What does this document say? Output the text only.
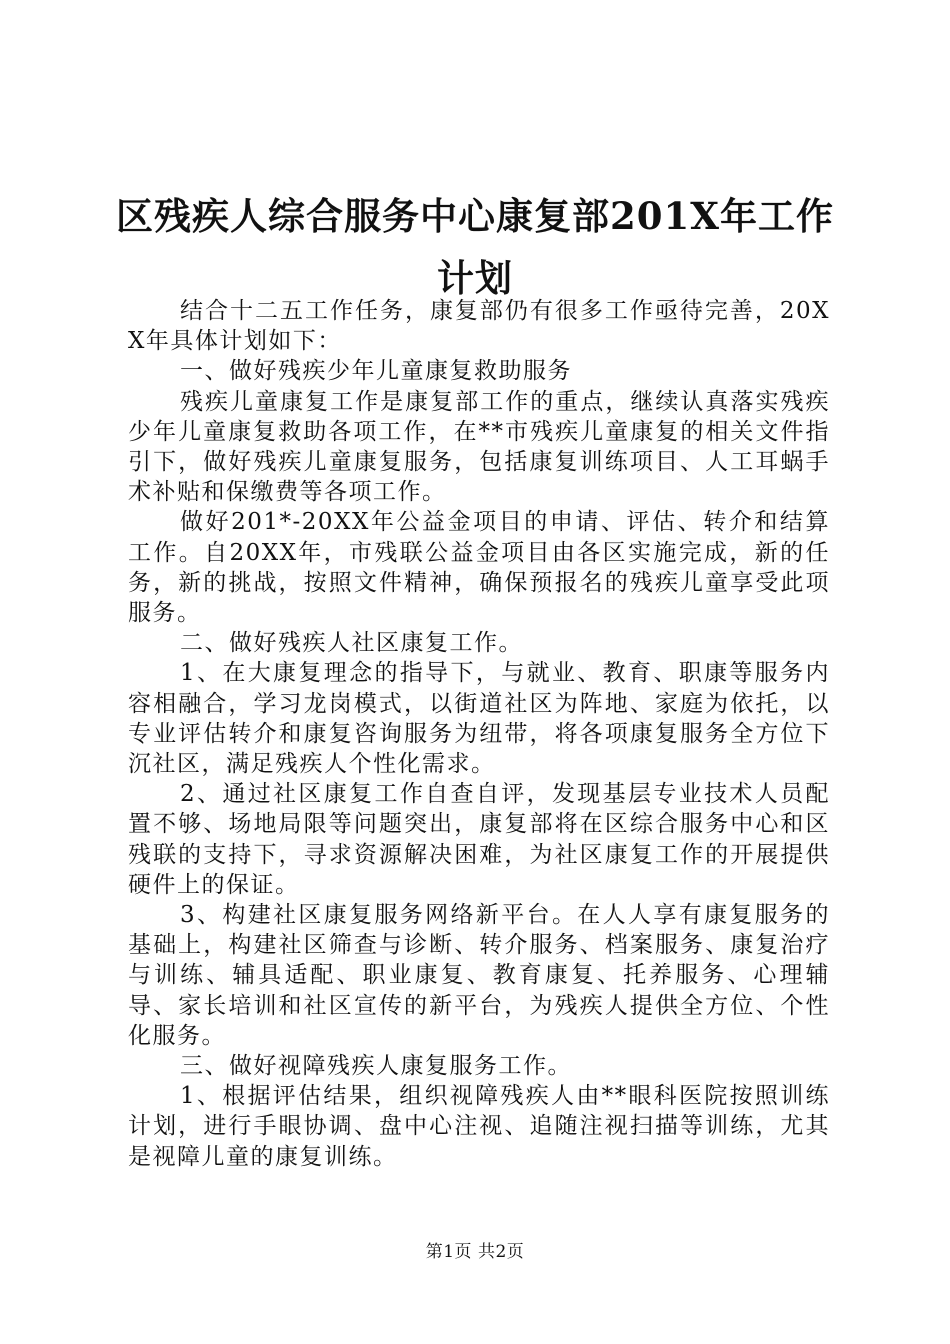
区残疾人综合服务中心康复部201X年工作计划

结合十二五工作任务，康复部仍有很多工作亟待完善，20XX年具体计划如下：

一、做好残疾少年儿童康复救助服务

残疾儿童康复工作是康复部工作的重点，继续认真落实残疾少年儿童康复救助各项工作，在**市残疾儿童康复的相关文件指引下，做好残疾儿童康复服务，包括康复训练项目、人工耳蜗手术补贴和保缴费等各项工作。

做好201*-20XX年公益金项目的申请、评估、转介和结算工作。自20XX年，市残联公益金项目由各区实施完成，新的任务，新的挑战，按照文件精神，确保预报名的残疾儿童享受此项服务。

二、做好残疾人社区康复工作。

1、在大康复理念的指导下，与就业、教育、职康等服务内容相融合，学习龙岗模式，以街道社区为阵地、家庭为依托，以专业评估转介和康复咨询服务为纽带，将各项康复服务全方位下沉社区，满足残疾人个性化需求。

2、通过社区康复工作自查自评，发现基层专业技术人员配置不够、场地局限等问题突出，康复部将在区综合服务中心和区残联的支持下，寻求资源解决困难，为社区康复工作的开展提供硬件上的保证。

3、构建社区康复服务网络新平台。在人人享有康复服务的基础上，构建社区筛查与诊断、转介服务、档案服务、康复治疗与训练、辅具适配、职业康复、教育康复、托养服务、心理辅导、家长培训和社区宣传的新平台，为残疾人提供全方位、个性化服务。

三、做好视障残疾人康复服务工作。

1、根据评估结果，组织视障残疾人由**眼科医院按照训练计划，进行手眼协调、盘中心注视、追随注视扫描等训练，尤其是视障儿童的康复训练。

第1页 共2页
